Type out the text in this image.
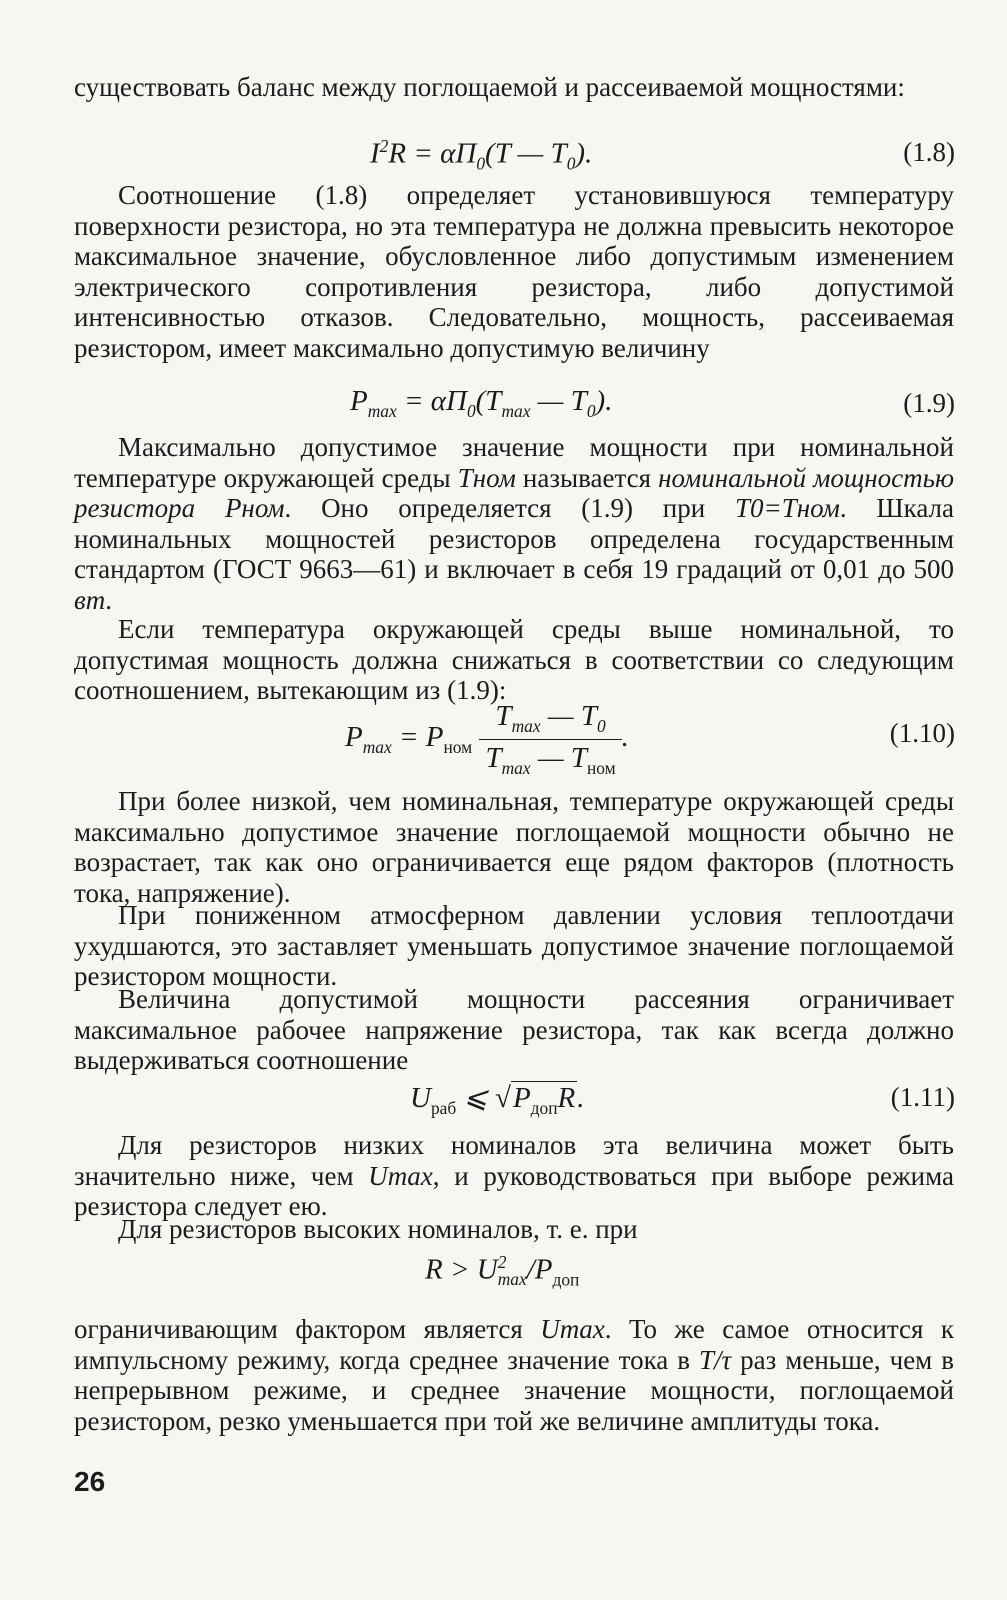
существовать баланс между поглощаемой и рассеиваемой мощностями:

$I^2R = \alpha П_0(T$ — $T_0$).	(1.8)

Соотношение (1.8) определяет установившуюся температуру поверхности резистора, но эта температура не должна превысить некоторое максимальное значение, обусловленное либо допустимым изменением электрического сопротивления резистора, либо допустимой интенсивностью отказов. Следовательно, мощность, рассеиваемая резистором, имеет максимально допустимую величину

$P_{max} = \alpha П_0(T_{max}$ — $T_0$).	(1.9)

Максимально допустимое значение мощности при номинальной температуре окружающей среды Tном называется номинальной мощностью резистора Pном. Оно определяется (1.9) при T0=Tном. Шкала номинальных мощностей резисторов определена государственным стандартом (ГОСТ 9663—61) и включает в себя 19 градаций от 0,01 до 500 вт.

Если температура окружающей среды выше номинальной, то допустимая мощность должна снижаться в соответствии со следующим соотношением, вытекающим из (1.9):

$P_{max} = P_{ном} \frac{T_{max} — T_0}{T_{max} — T_{ном}}$ .	(1.10)

При более низкой, чем номинальная, температуре окружающей среды максимально допустимое значение поглощаемой мощности обычно не возрастает, так как оно ограничивается еще рядом факторов (плотность тока, напряжение).

При пониженном атмосферном давлении условия теплоотдачи ухудшаются, это заставляет уменьшать допустимое значение поглощаемой резистором мощности.

Величина допустимой мощности рассеяния ограничивает максимальное рабочее напряжение резистора, так как всегда должно выдерживаться соотношение

$U_{раб}$ ⩽ $√P_{доп}R$.	(1.11)

Для резисторов низких номиналов эта величина может быть значительно ниже, чем Umax, и руководствоваться при выборе режима резистора следует ею.

Для резисторов высоких номиналов, т. е. при

$R > U^2_{max}/P_{доп}$

ограничивающим фактором является Umax. То же самое относится к импульсному режиму, когда среднее значение тока в T/τ раз меньше, чем в непрерывном режиме, и среднее значение мощности, поглощаемой резистором, резко уменьшается при той же величине амплитуды тока.

26
